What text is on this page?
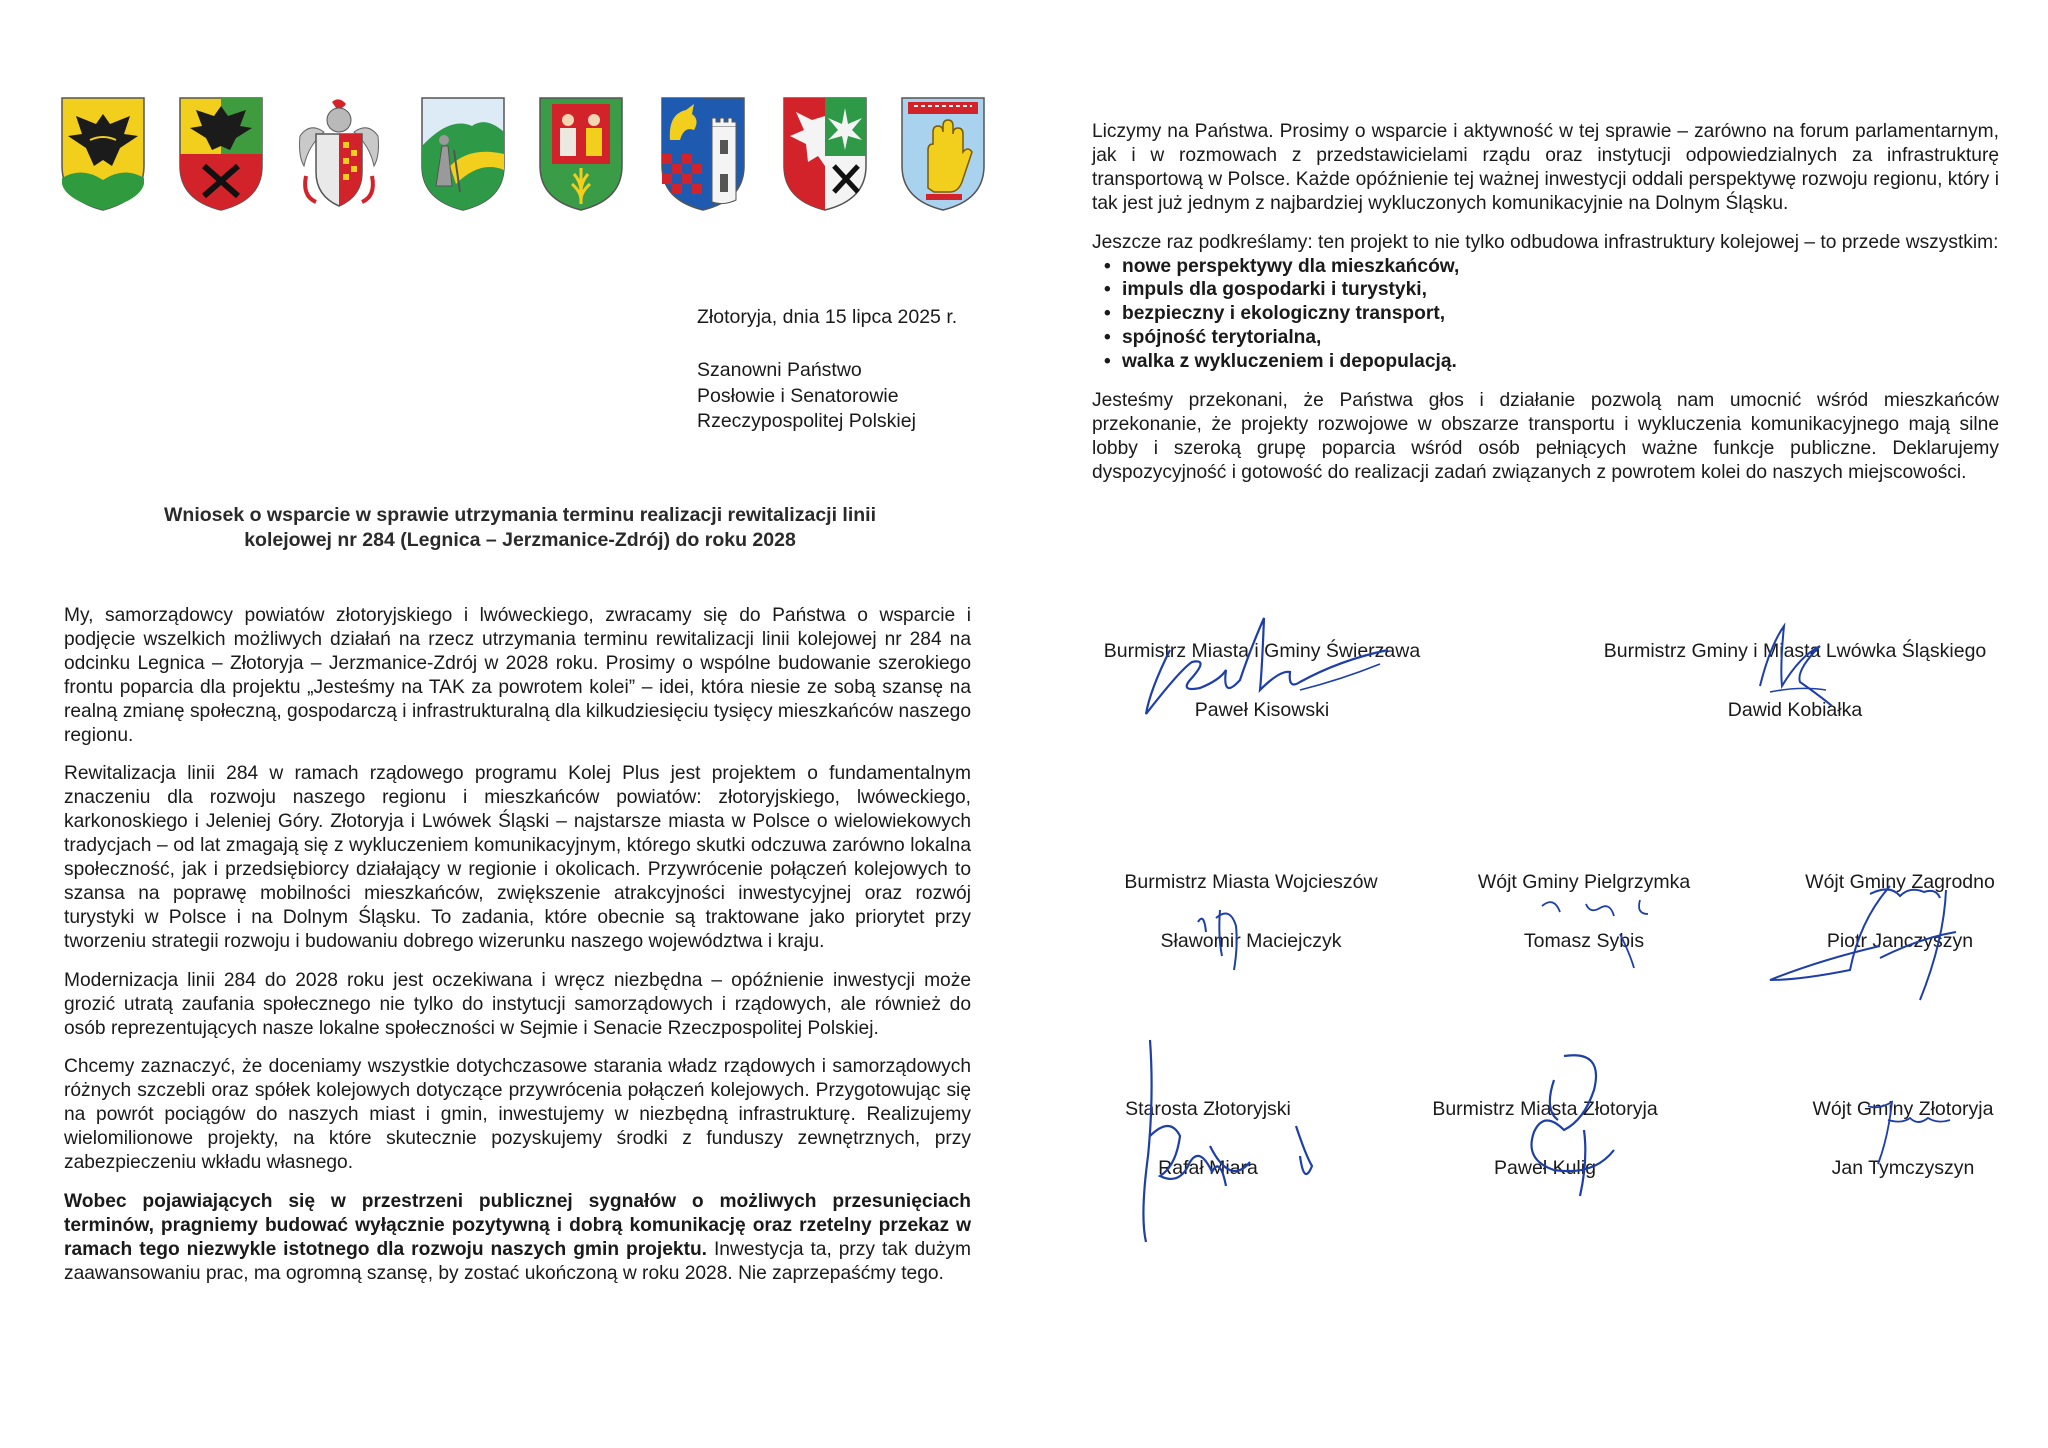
Złotoryja, dnia 15 lipca 2025 r.
Szanowni Państwo
Posłowie i Senatorowie
Rzeczypospolitej Polskiej
Wniosek o wsparcie w sprawie utrzymania terminu realizacji rewitalizacji linii
kolejowej nr 284 (Legnica – Jerzmanice-Zdrój) do roku 2028

My, samorządowcy powiatów złotoryjskiego i lwóweckiego, zwracamy się do Państwa o wsparcie i podjęcie wszelkich możliwych działań na rzecz utrzymania terminu rewitalizacji linii kolejowej nr 284 na odcinku Legnica – Złotoryja – Jerzmanice-Zdrój w 2028 roku. Prosimy o wspólne budowanie szerokiego frontu poparcia dla projektu „Jesteśmy na TAK za powrotem kolei” – idei, która niesie ze sobą szansę na realną zmianę społeczną, gospodarczą i infrastrukturalną dla kilkudziesięciu tysięcy mieszkańców naszego regionu.

Rewitalizacja linii 284 w ramach rządowego programu Kolej Plus jest projektem o fundamentalnym znaczeniu dla rozwoju naszego regionu i mieszkańców powiatów: złotoryjskiego, lwóweckiego, karkonoskiego i Jeleniej Góry. Złotoryja i Lwówek Śląski – najstarsze miasta w Polsce o wielowiekowych tradycjach – od lat zmagają się z wykluczeniem komunikacyjnym, którego skutki odczuwa zarówno lokalna społeczność, jak i przedsiębiorcy działający w regionie i okolicach. Przywrócenie połączeń kolejowych to szansa na poprawę mobilności mieszkańców, zwiększenie atrakcyjności inwestycyjnej oraz rozwój turystyki w Polsce i na Dolnym Śląsku. To zadania, które obecnie są traktowane jako priorytet przy tworzeniu strategii rozwoju i budowaniu dobrego wizerunku naszego województwa i kraju.

Modernizacja linii 284 do 2028 roku jest oczekiwana i wręcz niezbędna – opóźnienie inwestycji może grozić utratą zaufania społecznego nie tylko do instytucji samorządowych i rządowych, ale również do osób reprezentujących nasze lokalne społeczności w Sejmie i Senacie Rzeczpospolitej Polskiej.

Chcemy zaznaczyć, że doceniamy wszystkie dotychczasowe starania władz rządowych i samorządowych różnych szczebli oraz spółek kolejowych dotyczące przywrócenia połączeń kolejowych. Przygotowując się na powrót pociągów do naszych miast i gmin, inwestujemy w niezbędną infrastrukturę. Realizujemy wielomilionowe projekty, na które skutecznie pozyskujemy środki z funduszy zewnętrznych, przy zabezpieczeniu wkładu własnego.

Wobec pojawiających się w przestrzeni publicznej sygnałów o możliwych przesunięciach terminów, pragniemy budować wyłącznie pozytywną i dobrą komunikację oraz rzetelny przekaz w ramach tego niezwykle istotnego dla rozwoju naszych gmin projektu. Inwestycja ta, przy tak dużym zaawansowaniu prac, ma ogromną szansę, by zostać ukończoną w roku 2028. Nie zaprzepaśćmy tego.

Liczymy na Państwa. Prosimy o wsparcie i aktywność w tej sprawie – zarówno na forum parlamentarnym, jak i w rozmowach z przedstawicielami rządu oraz instytucji odpowiedzialnych za infrastrukturę transportową w Polsce. Każde opóźnienie tej ważnej inwestycji oddali perspektywę rozwoju regionu, który i tak jest już jednym z najbardziej wykluczonych komunikacyjnie na Dolnym Śląsku.

Jeszcze raz podkreślamy: ten projekt to nie tylko odbudowa infrastruktury kolejowej – to przede wszystkim:

• nowe perspektywy dla mieszkańców,
• impuls dla gospodarki i turystyki,
• bezpieczny i ekologiczny transport,
• spójność terytorialna,
• walka z wykluczeniem i depopulacją.

Jesteśmy przekonani, że Państwa głos i działanie pozwolą nam umocnić wśród mieszkańców przekonanie, że projekty rozwojowe w obszarze transportu i wykluczenia komunikacyjnego mają silne lobby i szeroką grupę poparcia wśród osób pełniących ważne funkcje publiczne. Deklarujemy dyspozycyjność i gotowość do realizacji zadań związanych z powrotem kolei do naszych miejscowości.

Burmistrz Miasta i Gminy Świerzawa
Paweł Kisowski
Burmistrz Gminy i Miasta Lwówka Śląskiego
Dawid Kobiałka
Burmistrz Miasta Wojcieszów
Sławomir Maciejczyk
Wójt Gminy Pielgrzymka
Tomasz Sybis
Wójt Gminy Zagrodno
Piotr Janczyszyn
Starosta Złotoryjski
Rafał Miara
Burmistrz Miasta Złotoryja
Paweł Kulig
Wójt Gminy Złotoryja
Jan Tymczyszyn
